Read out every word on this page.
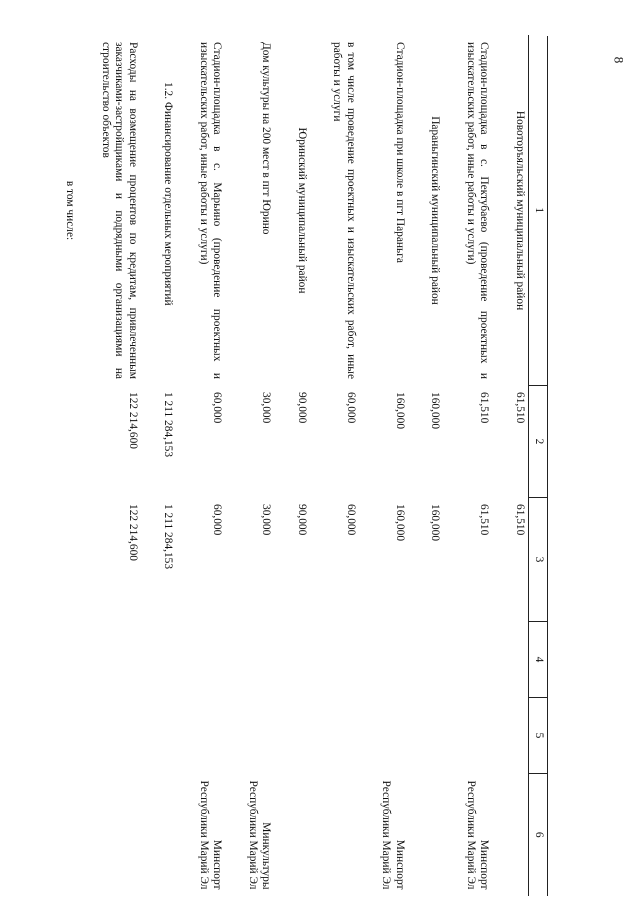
8
1	2	3	4	5	6
Новоторъяльский муниципальный район	61,510	61,510			

Стадион-площадка в с. Пектубаево (проведение проектных и изыскательских работ, иные работы и услуги)	61,510	61,510			Минспорт Республики Марий Эл

Параньгинский муниципальный район	160,000	160,000			

Стадион-площадка при школе в пгт Параньга	160,000	160,000			Минспорт Республики Марий Эл

в том числе проведение проектных и изыскательских работ, иные работы и услуги	60,000	60,000			

Юринский муниципальный район	90,000	90,000			

Дом культуры на 200 мест в пгт Юрино	30,000	30,000			Минкультуры Республики Марий Эл

Стадион-площадка в с. Марьино (проведение проектных и изыскательских работ, иные работы и услуги)	60,000	60,000			Минспорт Республики Марий Эл

1.2. Финансирование отдельных мероприятий	1 211 284,153	1 211 284,153			

Расходы на возмещение процентов по кредитам, привлеченным заказчиками-застройщиками и подрядными организациями на строительство объектов	122 214,600	122 214,600			

в том числе:					
